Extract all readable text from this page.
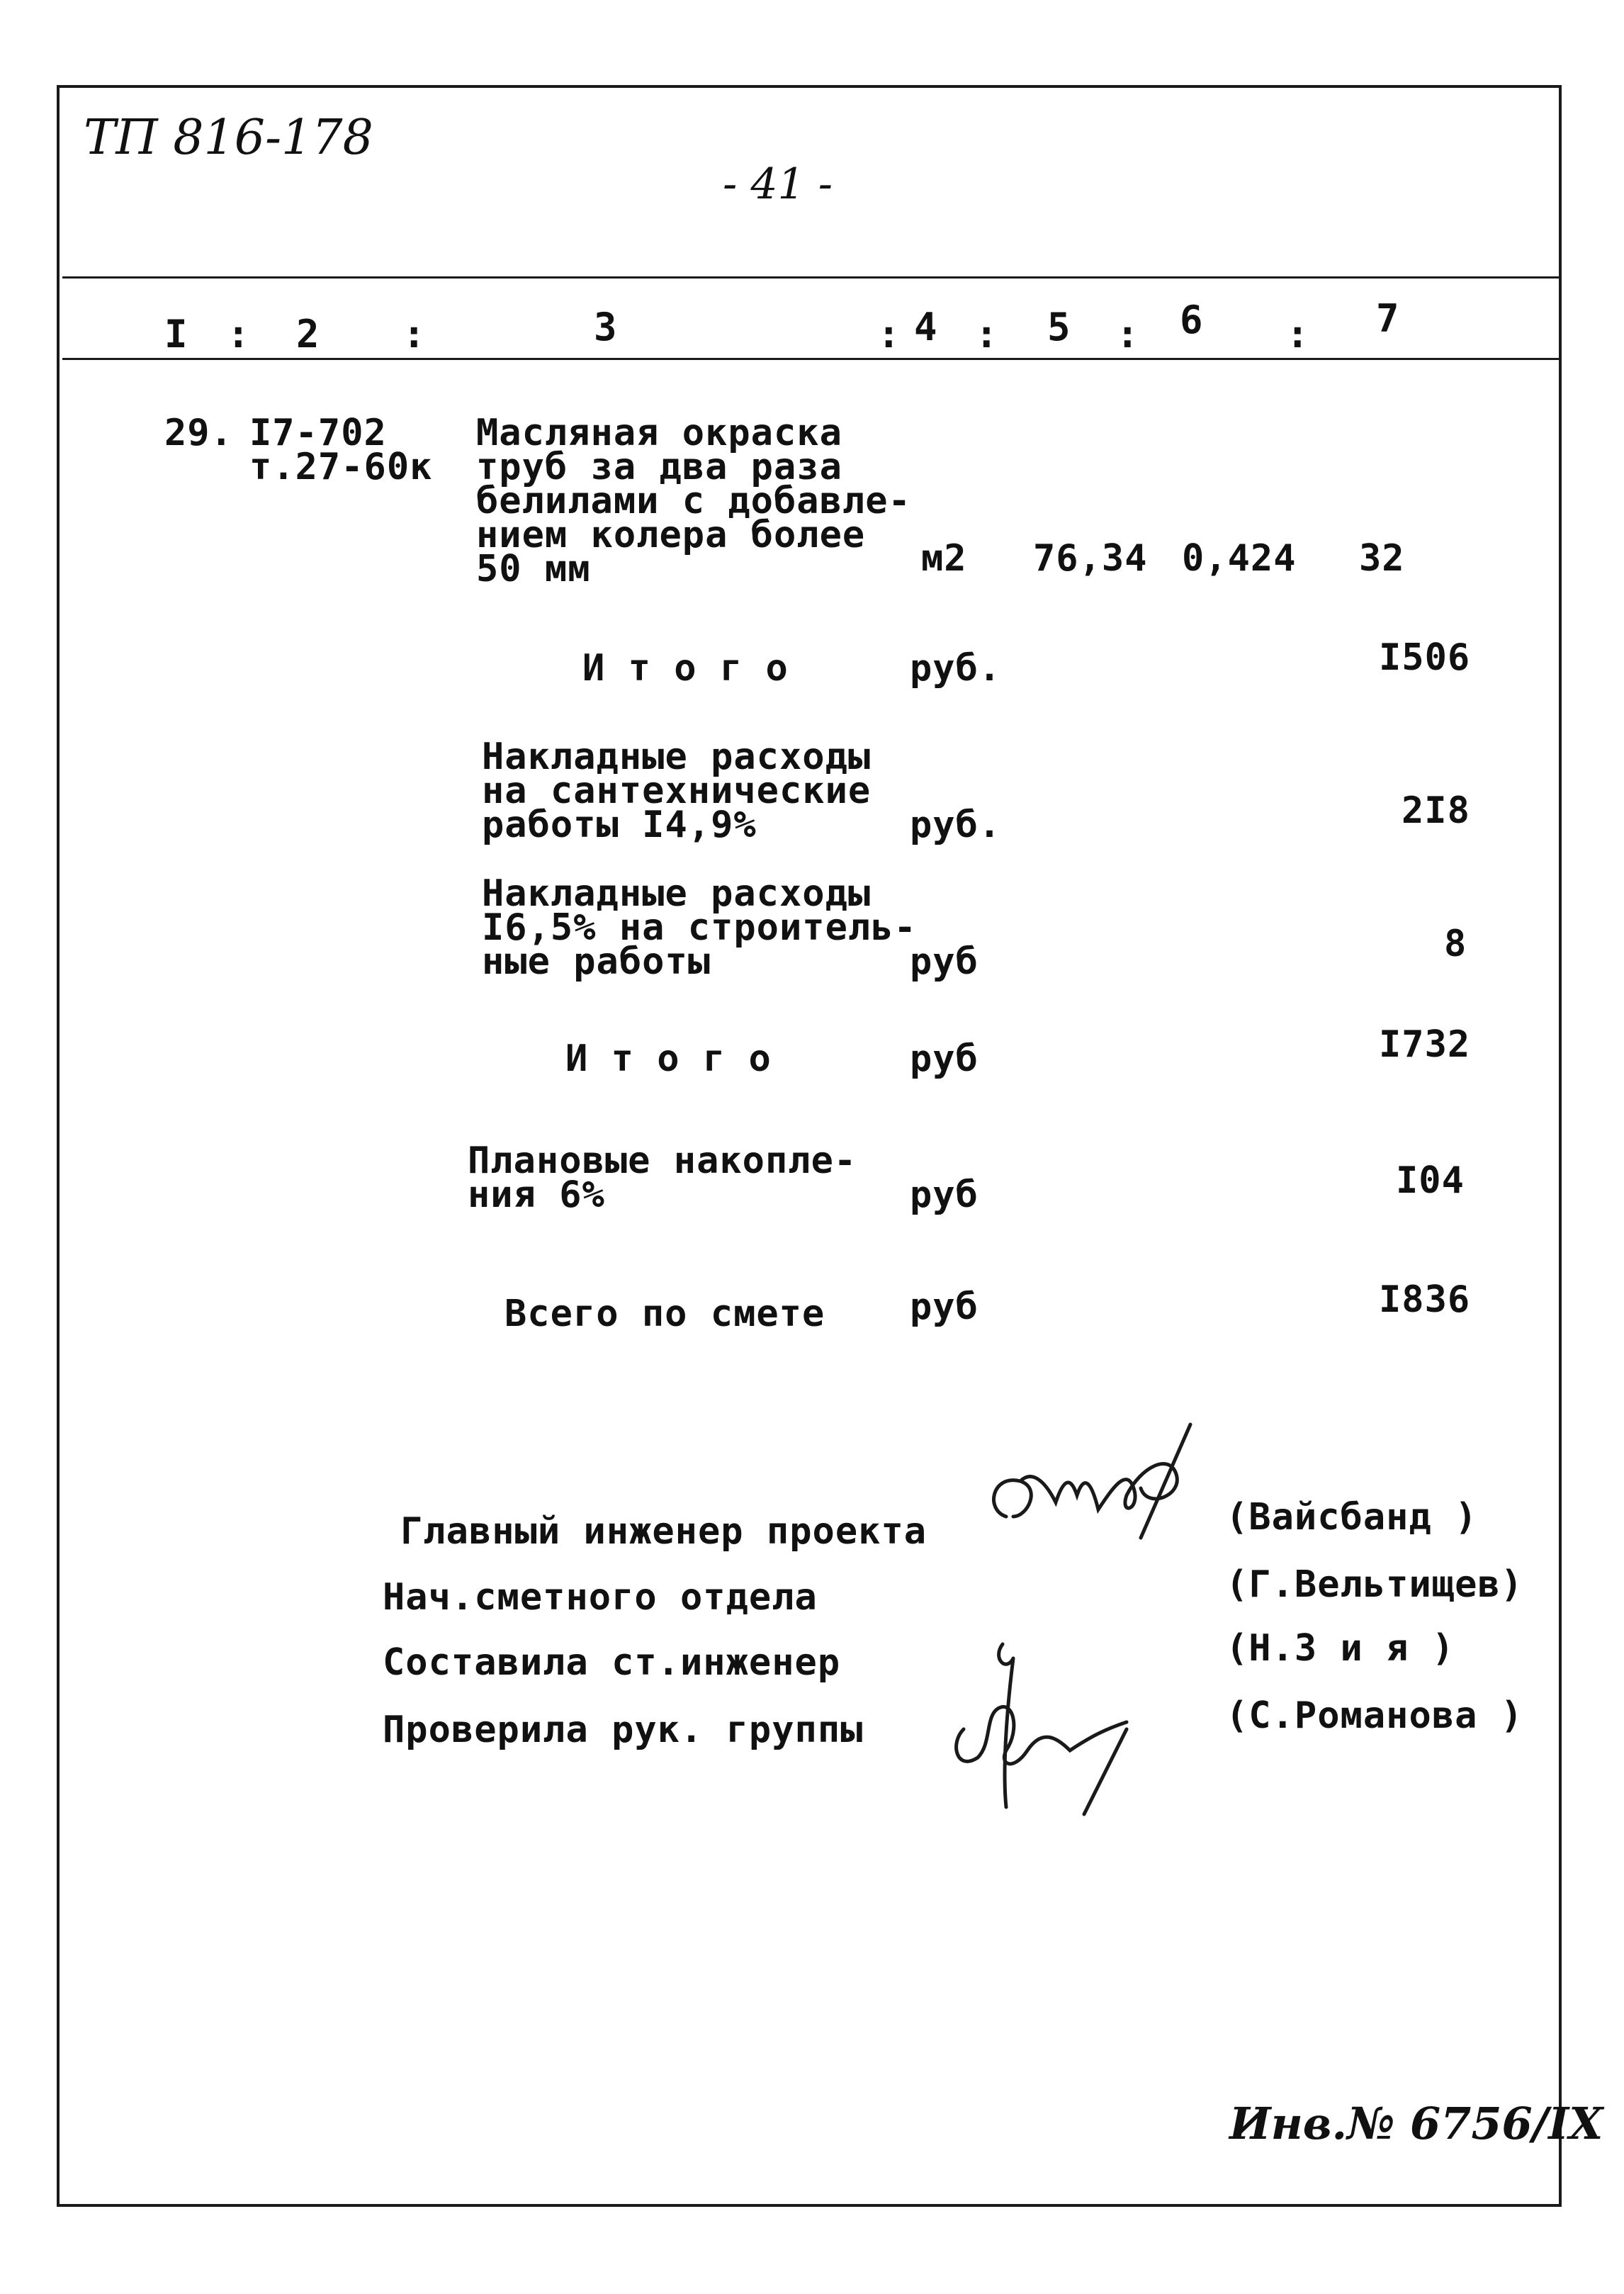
ТП 816-178
- 41 -
I : 2 :	3	: 4 : 5 : 6 : 7
29. I7-702
т.27-60к
Масляная окраска
труб за два раза
белилами с добавле-
нием колера более
50 мм	м2 76,34 0,424 32
И т о г о	руб.	I506
Накладные расходы
на сантехнические
работы I4,9%	руб.	2I8
Накладные расходы
I6,5% на строитель-
ные работы	руб	8
И т о г о	руб	I732
Плановые накопле-
ния 6%	руб	I04
Всего по смете руб	I836
Главный инженер проекта	(Вайсбанд )
Нач.сметного отдела	(Г.Вельтищев)
Составила ст.инженер	(Н.З и я )
Проверила рук. группы	(С.Романова )
Инв.№ 6756/IX
